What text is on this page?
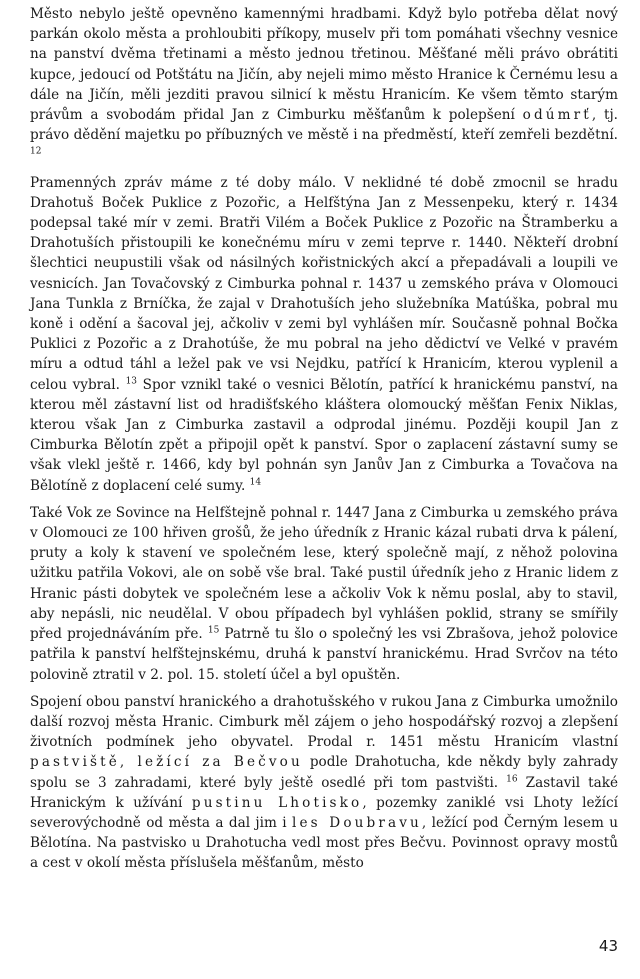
Město nebylo ještě opevněno kamennými hradbami. Když bylo potřeba dělat nový parkán okolo města a prohloubiti příkopy, muselv při tom pomáhati všechny vesnice na panství dvěma třetinami a město jednou třetinou. Měšťané měli právo obrátiti kupce, jedoucí od Potštátu na Jičín, aby nejeli mimo město Hranice k Černému lesu a dále na Jičín, měli jezditi pravou silnicí k městu Hranicím. Ke všem těmto starým právům a svobodám přidal Jan z Cimburku měšťanům k polepšení odúmrť, tj. právo dědění majetku po příbuzných ve městě i na předměstí, kteří zemřeli bezdětní. $^{12}$

Pramenných zpráv máme z té doby málo. V neklidné té době zmocnil se hradu Drahotuš Boček Puklice z Pozořic, a Helfštýna Jan z Messenpeku, který r. 1434 podepsal také mír v zemi. Bratři Vilém a Boček Puklice z Pozořic na Štramberku a Drahotuších přistoupili ke konečnému míru v zemi teprve r. 1440. Někteří drobní šlechtici neupustili však od násilných kořistnických akcí a přepadávali a loupili ve vesnicích. Jan Tovačovský z Cimburka pohnal r. 1437 u zemského práva v Olomouci Jana Tunkla z Brníčka, že zajal v Drahotuších jeho služebníka Matúška, pobral mu koně i odění a šacoval jej, ačkoliv v zemi byl vyhlášen mír. Současně pohnal Bočka Puklici z Pozořic a z Drahotúše, že mu pobral na jeho dědictví ve Velké v pravém míru a odtud táhl a ležel pak ve vsi Nejdku, patřící k Hranicím, kterou vyplenil a celou vybral. $^{13}$ Spor vznikl také o vesnici Bělotín, patřící k hranickému panství, na kterou měl zástavní list od hradišťského kláštera olomoucký měšťan Fenix Niklas, kterou však Jan z Cimburka zastavil a odprodal jinému. Později koupil Jan z Cimburka Bělotín zpět a připojil opět k panství. Spor o zaplacení zástavní sumy se však vlekl ještě r. 1466, kdy byl pohnán syn Janův Jan z Cimburka a Tovačova na Bělotíně z doplacení celé sumy. $^{14}$

Také Vok ze Sovince na Helfštejně pohnal r. 1447 Jana z Cimburka u zemského práva v Olomouci ze 100 hřiven grošů, že jeho úředník z Hranic kázal rubati drva k pálení, pruty a koly k stavení ve společném lese, který společně mají, z něhož polovina užitku patřila Vokovi, ale on sobě vše bral. Také pustil úředník jeho z Hranic lidem z Hranic pásti dobytek ve společném lese a ačkoliv Vok k němu poslal, aby to stavil, aby nepásli, nic neudělal. V obou případech byl vyhlášen poklid, strany se smířily před projednáváním pře. $^{15}$ Patrně tu šlo o společný les vsi Zbrašova, jehož polovice patřila k panství helfštejnskému, druhá k panství hranickému. Hrad Svrčov na této polovině ztratil v 2. pol. 15. století účel a byl opuštěn.

Spojení obou panství hranického a drahotušského v rukou Jana z Cimburka umožnilo další rozvoj města Hranic. Cimburk měl zájem o jeho hospodářský rozvoj a zlepšení životních podmínek jeho obyvatel. Prodal r. 1451 městu Hranicím vlastní pastviště, ležící za Bečvou podle Drahotucha, kde někdy byly zahrady spolu se 3 zahradami, které byly ještě osedlé při tom pastvišti. $^{16}$ Zastavil také Hranickým k užívání pustinu Lhotisko, pozemky zaniklé vsi Lhoty ležící severovýchodně od města a dal jim i les Doubravu, ležící pod Černým lesem u Bělotína. Na pastvisko u Drahotucha vedl most přes Bečvu. Povinnost opravy mostů a cest v okolí města příslušela měšťanům, město

43
